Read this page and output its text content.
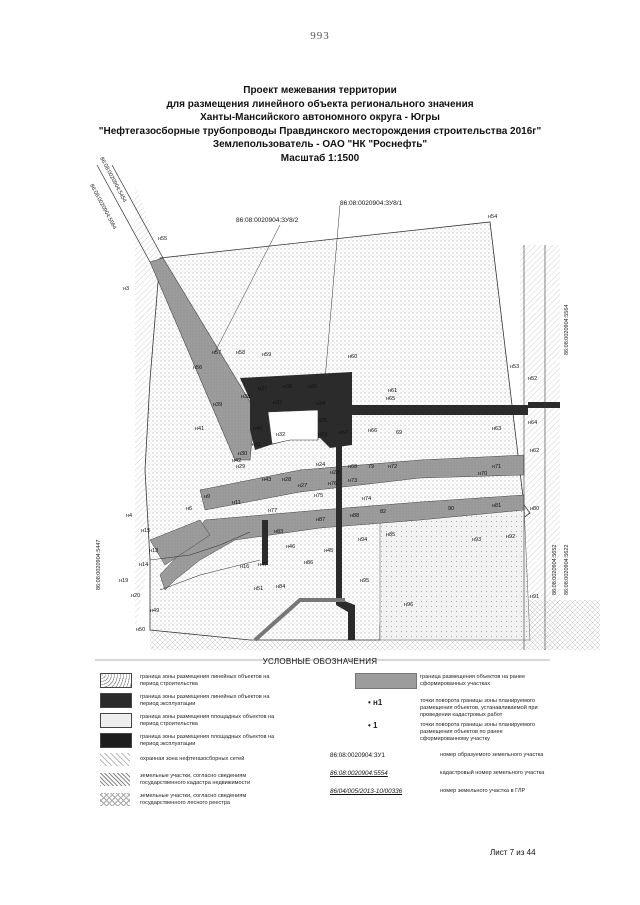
993
Проект межевания территории
для размещения линейного объекта регионального значения
Ханты-Мансийского автономного округа - Югры
"Нефтегазосборные трубопроводы Правдинского месторождения строительства 2016г"
Землепользователь - ОАО "НК "Роснефть"
Масштаб 1:1500
н55
н54
н3
н53
н52
н57	н58	н59	н60
н56
н37	н36	н35
н61
н65
н38
н39	н33	н34
н40
н41
н32
н25
н23 н67	н66	69
н63
н64
н31
н30	н62
н29	н24
н22
н68 79	н72
н70
н71
н43 н28
н27
н75
н76 н73
н74
н77
н87
н88
82	90	н81	н80
н4
н6
н9
н11
н16
н15
н13
н14
н19
н20
н49
н50
н94
н85
н93	н92
н95
н96
н91
н45
н86
н47
н51 н84
н46
н83
н42
86:08:0020904:ЗУ8/1
86:08:0020904:ЗУ8/2
86:08:0020904:5454
86:08:0020904:5564
86:08:0020904:5447
86:08:0020904:5564
86:08:0020904:5652 86:08:0020904:5622
УСЛОВНЫЕ ОБОЗНАЧЕНИЯ
граница зоны размещения линейных объектов на период строительства
граница зоны размещения линейных объектов на период эксплуатации
граница зоны размещения площадных объектов на период строительства
граница зоны размещения площадных объектов на период эксплуатации
охранная зона нефтегазосборных сетей
земельные участки, согласно сведениям государственного кадастра недвижимости
земельные участки, согласно сведениям государственного лесного реестра
граница размещения объектов на ранее сформированных участках
• н1	точки поворота границы зоны планируемого размещения объектов, устанавливаемой при проведении кадастровых работ
• 1	точки поворота границы зоны планируемого размещения объектов по ранее сформированному участку
86:08:0020904:ЗУ1	номер образуемого земельного участка
86:08:0020904:5554	кадастровый номер земельного участка
86/04/005/2013-10/00336	номер земельного участка в ГЛР
Лист 7 из 44
